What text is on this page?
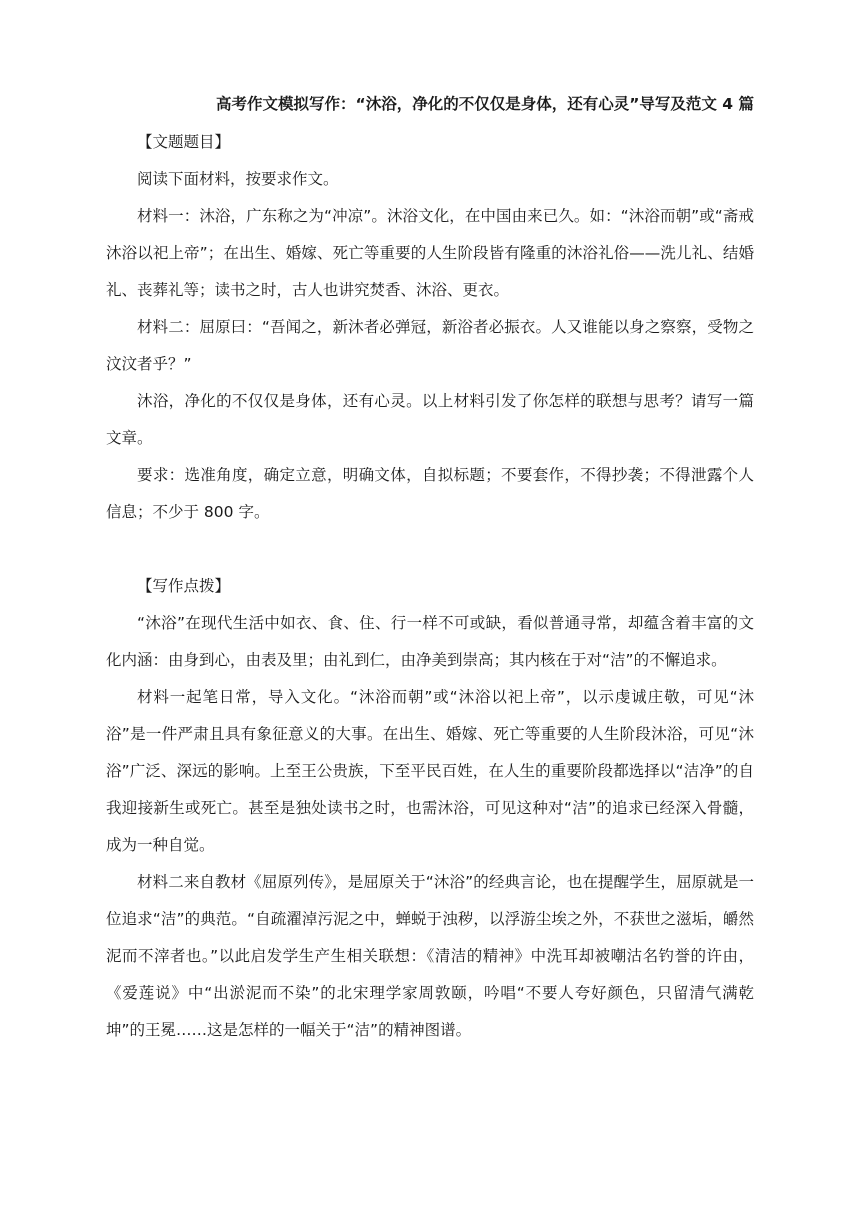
高考作文模拟写作：“沐浴，净化的不仅仅是身体，还有心灵”导写及范文 4 篇

【文题题目】

阅读下面材料，按要求作文。

材料一：沐浴，广东称之为“冲凉”。沐浴文化，在中国由来已久。如：“沐浴而朝”或“斋戒沐浴以祀上帝”；在出生、婚嫁、死亡等重要的人生阶段皆有隆重的沐浴礼俗——洗儿礼、结婚礼、丧葬礼等；读书之时，古人也讲究焚香、沐浴、更衣。

材料二：屈原曰：“吾闻之，新沐者必弹冠，新浴者必振衣。人又谁能以身之察察，受物之汶汶者乎？”

沐浴，净化的不仅仅是身体，还有心灵。以上材料引发了你怎样的联想与思考？请写一篇文章。

要求：选准角度，确定立意，明确文体，自拟标题；不要套作，不得抄袭；不得泄露个人信息；不少于 800 字。

【写作点拨】

“沐浴”在现代生活中如衣、食、住、行一样不可或缺，看似普通寻常，却蕴含着丰富的文化内涵：由身到心，由表及里；由礼到仁，由净美到崇高；其内核在于对“洁”的不懈追求。

材料一起笔日常，导入文化。“沐浴而朝”或“沐浴以祀上帝”，以示虔诚庄敬，可见“沐浴”是一件严肃且具有象征意义的大事。在出生、婚嫁、死亡等重要的人生阶段沐浴，可见“沐浴”广泛、深远的影响。上至王公贵族，下至平民百姓，在人生的重要阶段都选择以“洁净”的自我迎接新生或死亡。甚至是独处读书之时，也需沐浴，可见这种对“洁”的追求已经深入骨髓，成为一种自觉。

材料二来自教材《屈原列传》，是屈原关于“沐浴”的经典言论，也在提醒学生，屈原就是一位追求“洁”的典范。“自疏濯淖污泥之中，蝉蜕于浊秽，以浮游尘埃之外，不获世之滋垢，皭然泥而不滓者也。”以此启发学生产生相关联想：《清洁的精神》中洗耳却被嘲沽名钓誉的许由，《爱莲说》中“出淤泥而不染”的北宋理学家周敦颐，吟唱“不要人夸好颜色，只留清气满乾坤”的王冕……这是怎样的一幅关于“洁”的精神图谱。
